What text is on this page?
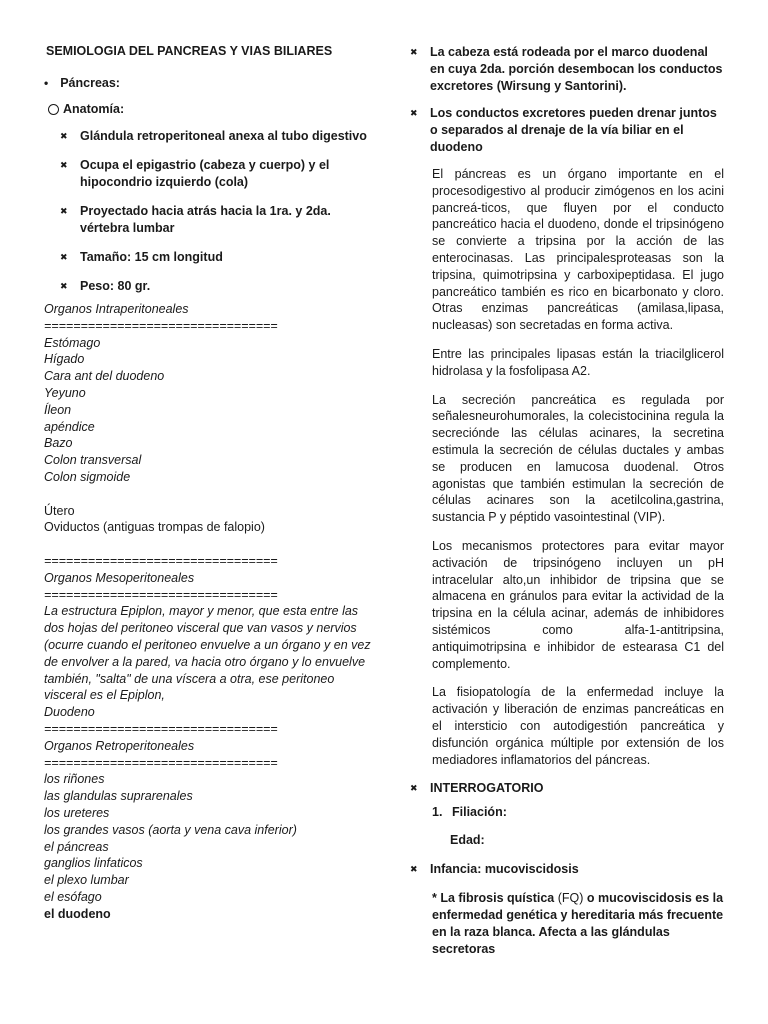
SEMIOLOGIA DEL PANCREAS Y VIAS BILIARES
• Páncreas:
Anatomía:
✖ Glándula retroperitoneal anexa al tubo digestivo
✖ Ocupa el epigastrio (cabeza y cuerpo) y el hipocondrio izquierdo (cola)
✖ Proyectado hacia atrás hacia la 1ra. y 2da. vértebra lumbar
✖ Tamaño: 15 cm longitud
✖ Peso: 80 gr.
Organos Intraperitoneales
================================
Estómago
Hígado
Cara ant del duodeno
Yeyuno
Íleon
apéndice
Bazo
Colon transversal
Colon sigmoide
Útero
Oviductos (antiguas trompas de falopio)
================================
Organos Mesoperitoneales
================================
La estructura Epiplon, mayor y menor, que esta entre las dos hojas del peritoneo visceral que van vasos y nervios (ocurre cuando el peritoneo envuelve a un órgano y en vez de envolver a la pared, va hacia otro órgano y lo envuelve también, "salta" de una víscera a otra, ese peritoneo visceral es el Epiplon,
Duodeno
================================
Organos Retroperitoneales
================================
los riñones
las glandulas suprarenales
los ureteres
los grandes vasos (aorta y vena cava inferior)
el páncreas
ganglios linfaticos
el plexo lumbar
el esófago
el duodeno
✖ La cabeza está rodeada por el marco duodenal en cuya 2da. porción desembocan los conductos excretores (Wirsung y Santorini).
✖ Los conductos excretores pueden drenar juntos o separados al drenaje de la vía biliar en el duodeno

El páncreas es un órgano importante en el procesodigestivo al producir zimógenos en los acini pancreá-ticos, que fluyen por el conducto pancreático hacia el duodeno, donde el tripsinógeno se convierte a tripsina por la acción de las enterocinasas. Las principalesproteasas son la tripsina, quimotripsina y carboxipeptidasa. El jugo pancreático también es rico en bicarbonato y cloro. Otras enzimas pancreáticas (amilasa,lipasa, nucleasas) son secretadas en forma activa.

Entre las principales lipasas están la triacilglicerol hidrolasa y la fosfolipasa A2.

La secreción pancreática es regulada por señalesneurohumorales, la colecistocinina regula la secreciónde las células acinares, la secretina estimula la secreción de células ductales y ambas se producen en lamucosa duodenal. Otros agonistas que también estimulan la secreción de células acinares son la acetilcolina,gastrina, sustancia P y péptido vasointestinal (VIP).

Los mecanismos protectores para evitar mayor activación de tripsinógeno incluyen un pH intracelular alto,un inhibidor de tripsina que se almacena en gránulos para evitar la actividad de la tripsina en la célula acinar, además de inhibidores sistémicos como alfa-1-antitripsina, antiquimotripsina e inhibidor de estearasa C1 del complemento.

La fisiopatología de la enfermedad incluye la activación y liberación de enzimas pancreáticas en el intersticio con autodigestión pancreática y disfunción orgánica múltiple por extensión de los mediadores inflamatorios del páncreas.

✖ INTERROGATORIO
1. Filiación:
Edad:
✖ Infancia: mucoviscidosis
* La fibrosis quística (FQ) o mucoviscidosis es la enfermedad genética y hereditaria más frecuente en la raza blanca. Afecta a las glándulas secretoras
